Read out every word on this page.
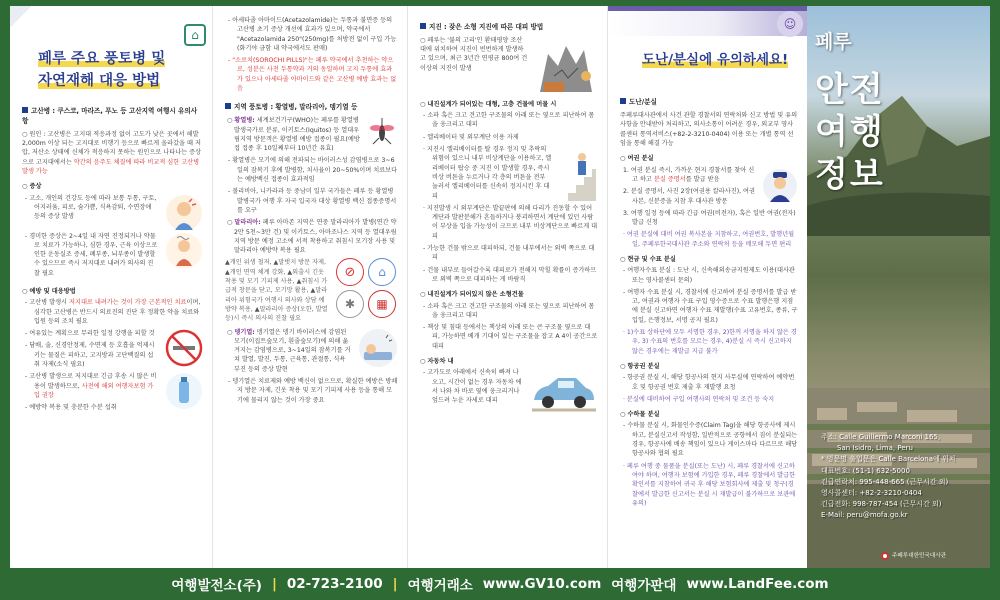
⌂
페루 주요 풍토병 및
자연재해 대응 방법
고산병 : 쿠스코, 마라즈, 푸노 등 고산지역 여행시 유의사항

○ 원인 : 고산병은 고지대 적응과정 없이 고도가 낮은 곳에서 해발 2,000m 이상 되는 고지대로 비행기 등으로 빠르게 올라갔을 때 저압, 저산소 상태에 신체가 적응하지 못하는 원인으로 나타나는 증상으로 고지대에서는 약간의 음주도 체질에 따라 비교적 심한 고산병 발생 가능

○ 증상

- 고소, 개인의 건강도 등에 따라 보통 두통, 구토, 어지러움, 피로, 숨가쁨, 식욕감퇴, 수면장애 등의 증상 발생

- 경미한 증상은 2~4일 내 자연 진정되거나 약물로 치료가 가능하나, 심한 경우, 근육 이상으로 인한 운동실조 증세, 폐부종, 뇌부종이 발생할 수 있으므로 즉시 저지대로 내려가 의사의 진찰 필요

○ 예방 및 대응방법

- 고산병 발생시 저지대로 내려가는 것이 가장 근본적인 치료이며, 심각한 고산병은 반드시 의료진의 진단 후 정확한 약을 치료와 입원 등의 조치 필요

- 여유있는 계획으로 무리한 일정 강행을 피할 것

- 담배, 술, 신경안정제, 수면제 등 호흡을 억제시키는 물질은 피하고, 고지방과 고단백질의 섭취 자제(소식 필요)

- 고산병 발생으로 저지대로 긴급 후송 시 많은 비용이 발생하므로, 사전에 해외 여행자보험 가입 권장

- 예방약 복용 및 충분한 수분 섭취

- 아세타졸 아마이드(Acetazolamide)는 두통과 불면증 등의 고산병 초기 증상 개선에 효과가 있으며, 약국에서 "Acetazolamida 250"(250mg)를 처방전 없이 구입 가능(화기야 금함 내 약국에서도 판매)

- "소로치(SOROCHI PILLS)"는 페루 약국에서 추천하는 약으로, 성분은 사전 두통약과 거의 동일하며 고지 두통에 효과가 있으나 아세타졸 아마이드와 같은 고산병 예방 효과는 없음

지역 풍토병 : 황열병, 말라리아, 뎅기열 등

○ 황열병: 세계보건기구(WHO)는 페루를 황열병 발생국가로 분류, 이키토스(Iquitos) 등 열대우림지역 방문객은 황열병 예방 접종이 필요(예방접 접종 후 10일째부터 10년간 유효)

- 황열병은 모기에 의해 전파되는 바이러스성 감염병으로 3~6일의 잠복기 후에 발병함, 치사율이 20~50%이며 치료보다는 예방백신 접종이 효과적임

- 볼리비아, 니카라과 등 중남미 일부 국가들은 페루 등 황열병 발병국가 여행 후 자국 입국자 대상 황열병 백신 접종증명서를 요구

○ 말라리아: 페루 아마존 지역은 연중 말라리아가 발병(연간 약 2만 5천~3만 건) 및 이키토스, 아마조나스 지역 등 열대우림지역 방문 예정 고소에 서적 착용하고 취침시 모기장 사용 및 말라리아 예방약 복용 필요

▲개인 위생 철저, ▲말벗지 방문 자제, ▲개인 면역 체계 강화, ▲외출시 긴옷 착용 및 모기 기피제 사용, ▲취침시 가급적 창문을 닫고, 모기망 활용, ▲말라리아 위험국가 여행시 의사와 상담 예방약 복용, ▲말라리아 증상(오한, 발열 등)시 즉시 의사의 진찰 필요

⊘	⌂
✱	▦

○ 뎅기열: 뎅기열은 뎅기 바이러스에 감염된 모기(이집트숲모기, 흰줄숲모기)에 의해 옮겨지는 감염병으로, 3~14일의 잠복기를 거쳐 발열, 발진, 두통, 근육통, 관절통, 식욕 부진 등의 증상 발현

- 뎅기열은 치료제와 예방 백신이 없으므로, 확실한 예방은 방쇄지 방문 자제, 긴옷 착용 및 모기 기피제 사용 등을 통해 모기에 물리지 않는 것이 가장 중요

지진 : 잦은 소형 지진에 따른 대피 방법

○ 페루는 '불의 고리'인 환태평양 조산대에 위치하여 지진이 빈번하게 발생하고 있으며, 최근 3년간 연평균 800여 건 이상의 지진이 발생

○ 내진설계가 되어있는 대형, 고층 건물에 머물 시

- 소파 혹은 크고 견고한 구조물의 아래 또는 옆으로 피난하여 몸을 웅크리고 대피

- 엘리베이터 및 외부계단 이용 자제

· 지진시 엘리베이터를 탈 경우 정지 및 추락의 위험이 있으니 내부 비상계단을 이용하고, 엘리베이터 탑승 중 지진 이 발생할 경우, 즉시 비상 버튼을 누르거나 각 층의 버튼을 전부 눌러서 엘리베이터를 신속히 정지시킨 후 대피

· 지진발생 시 외부계단은 발끝판에 의해 다리가 진동할 수 있어 계단과 발판분해가 흔들하거나 붕괴하면서 계단에 있던 사람이 부상을 입을 가능성이 크므로 내부 비상계단으로 빠르게 대피

- 가능한 건물 밖으로 대피하되, 건물 내부에서는 외벽 쪽으로 대피

- 건물 내부로 들어갈수록 대피로가 전해지 막힐 확률이 증가하므로 외벽 쪽으로 대피하는 게 바람직

○ 내진설계가 되어있지 않은 소형건물

- 소파 혹은 크고 견고한 구조물의 아래 또는 옆으로 피난하여 몸을 웅크리고 대피

- 책상 및 침대 등에서는 책상의 아래 또는 큰 구조물 옆으로 대피, 가능하면 베개 기대어 있는 구조물을 잡고 A 4이 공간으로 대피

○ 자동차 내

- 고가도로 아래에서 신속히 빠져 나오고, 시간이 없는 경우 자동차 에서 나와 차 바로 옆에 웅크리거나 엎드려 누운 자세로 대피

☺
도난/분실에 유의하세요!
도난/분실

주페루대사관에서 사건 관할 경찰서의 연락처와 신고 방법 및 유의 사항을 안내받아 처리하고, 의사소통이 어려운 경우, 외교부 영사콜센터 통역서비스(+82-2-3210-0404) 이용 또는 개별 통역 선임을 통해 해결 가능

○ 여권 분실

1. 여권 분실 즉시, 가까운 현지 경찰서를 찾아 신고 하고 분실 증명서를 발급 받음

2. 분실 증명서, 사진 2장(여권용 칼라사진), 여권 사본, 신분증을 지참 후 대사관 방문

3. 여행 일정 등에 따라 긴급 여권(비전자), 혹은 일반 여권(전자) 발급 신청

· 여권 분실에 대비 여권 복사본을 지참하고, 여권번호, 발행년월일, 주페루한국대사관 주소와 연락처 등을 메모해 두면 편리

○ 현금 및 수표 분실

- 여행자수표 분실 : 도난 시, 신속해외송금지원제도 이용(대사관 또는 영사콜센터 문의)

- 여행자 수표 분실 시, 경찰서에 신고하여 분실 증명서를 발급 받고, 여권과 여행자 수표 구입 영수증으로 수표 발행은행 지점에 분실 신고하면 여행자 수표 재발행(수표 고유번호, 종류, 구입일, 은행정보, 서명 공지 필요)

· 1)수표 상하단에 모두 서명한 경우, 2)한꺼 서명을 하지 않은 경우, 3) 수표의 번호를 모르는 경우, 4)분실 시 즉시 신고하지 않은 경우에는 재발급 지급 불가

○ 항공권 분실

- 항공권 분실 시, 해당 항공사의 현지 사무실에 연락하여 예약번호 및 항공권 번호 제출 후 재발행 요청

· 분실에 대비하여 구입 여행사의 연락처 및 조건 등 숙지

○ 수하물 분실

- 수하물 분실 시, 화물인수증(Claim Tag)을 해당 항공사에 제시하고, 분실신고서 작성함, 일반적으로 공항에서 짐이 분실되는 경우, 항공사에 배송 책임이 있으나 게이스마다 다르므로 해당 항공사와 협의 필요

· 페루 여행 중 물품을 분실(또는 도난) 시, 페루 경찰서에 신고하여야 하며, 여행자 보험에 가입한 경우, 페루 경찰에서 발급한 확인서를 지참하여 귀국 후 해당 보험회사에 제출 및 청구(경찰에서 발급한 신고서는 분실 시 재발급이 불가하므로 보관에 유의)

페루
안전
여행
정보
주소: Calle Guillermo Marconi 165,
San Isidro, Lima, Peru
* 영문명 출입문은 Calle Barcelona에 위치
대표번호: (51-1) 632-5000
긴급연락처: 995-448-665 (근무시간 외)
영사콜센터: +82-2-3210-0404
긴급전화: 998-787-454 (근무시간 외)
E-Mail: peru@mofa.go.kr
주페루대한민국대사관
여행발전소(주) | 02-723-2100 | 여행거래소 www.GV10.com 여행가판대 www.LandFee.com
